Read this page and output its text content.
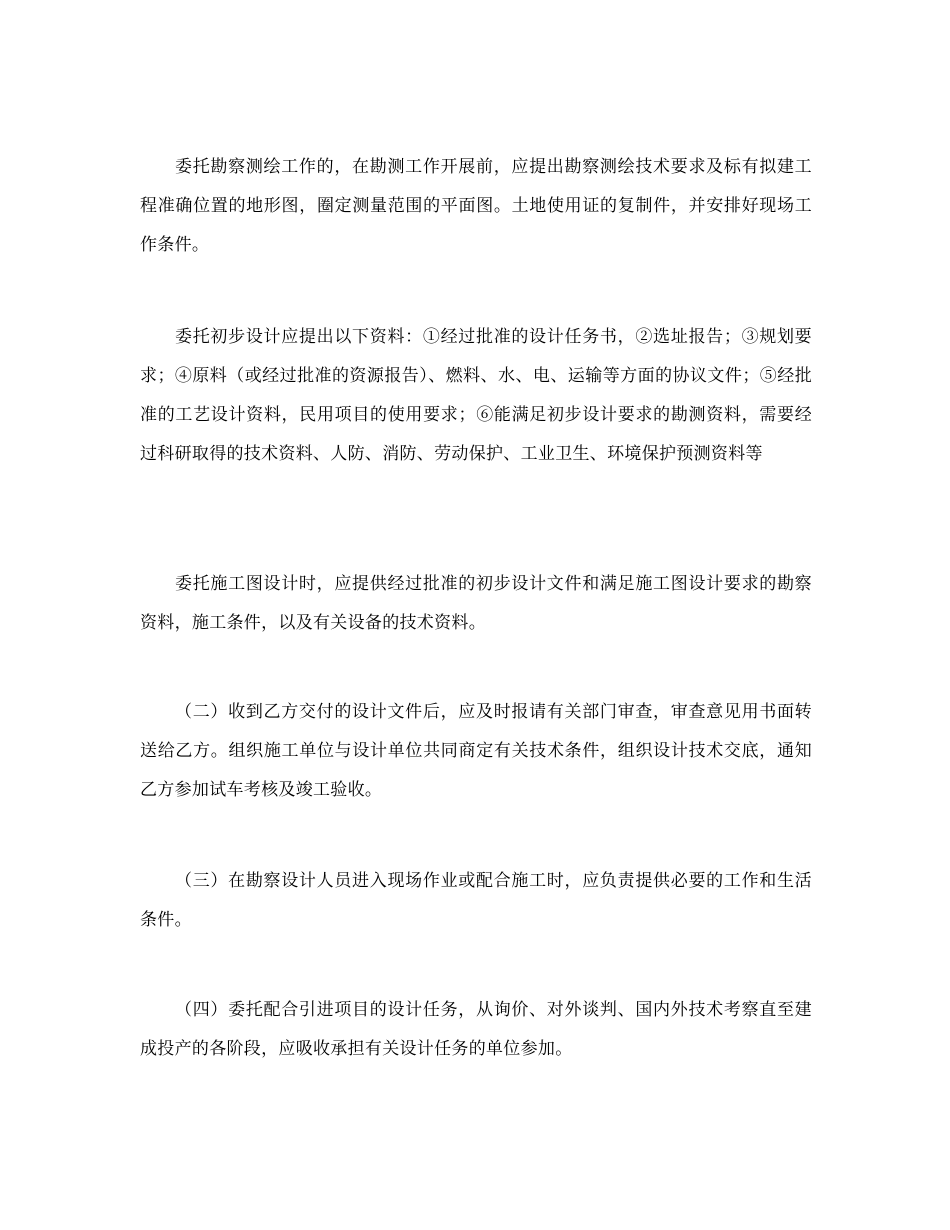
委托勘察测绘工作的，在勘测工作开展前，应提出勘察测绘技术要求及标有拟建工程准确位置的地形图，圈定测量范围的平面图。土地使用证的复制件，并安排好现场工作条件。

委托初步设计应提出以下资料：①经过批准的设计任务书，②选址报告；③规划要求；④原料（或经过批准的资源报告）、燃料、水、电、运输等方面的协议文件；⑤经批准的工艺设计资料，民用项目的使用要求；⑥能满足初步设计要求的勘测资料，需要经过科研取得的技术资料、人防、消防、劳动保护、工业卫生、环境保护预测资料等

委托施工图设计时，应提供经过批准的初步设计文件和满足施工图设计要求的勘察资料，施工条件，以及有关设备的技术资料。

（二）收到乙方交付的设计文件后，应及时报请有关部门审查，审查意见用书面转送给乙方。组织施工单位与设计单位共同商定有关技术条件，组织设计技术交底，通知乙方参加试车考核及竣工验收。

（三）在勘察设计人员进入现场作业或配合施工时，应负责提供必要的工作和生活条件。

（四）委托配合引进项目的设计任务，从询价、对外谈判、国内外技术考察直至建成投产的各阶段，应吸收承担有关设计任务的单位参加。
